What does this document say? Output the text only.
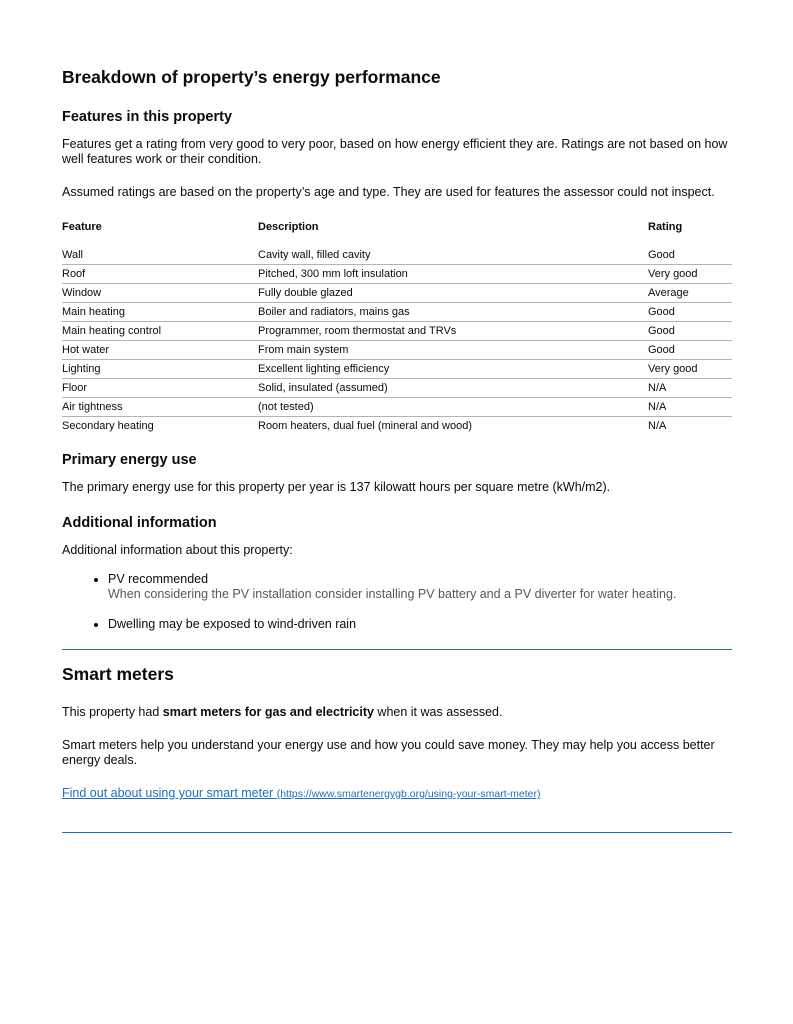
Breakdown of property’s energy performance
Features in this property

Features get a rating from very good to very poor, based on how energy efficient they are. Ratings are not based on how well features work or their condition.

Assumed ratings are based on the property’s age and type. They are used for features the assessor could not inspect.

Feature	Description	Rating
Wall	Cavity wall, filled cavity	Good
Roof	Pitched, 300 mm loft insulation	Very good
Window	Fully double glazed	Average
Main heating	Boiler and radiators, mains gas	Good
Main heating control	Programmer, room thermostat and TRVs	Good
Hot water	From main system	Good
Lighting	Excellent lighting efficiency	Very good
Floor	Solid, insulated (assumed)	N/A
Air tightness	(not tested)	N/A
Secondary heating	Room heaters, dual fuel (mineral and wood)	N/A
Primary energy use

The primary energy use for this property per year is 137 kilowatt hours per square metre (kWh/m2).

Additional information

Additional information about this property:

• PV recommended
When considering the PV installation consider installing PV battery and a PV diverter for water heating.
• Dwelling may be exposed to wind-driven rain
Smart meters

This property had smart meters for gas and electricity when it was assessed.

Smart meters help you understand your energy use and how you could save money. They may help you access better energy deals.

Find out about using your smart meter (https://www.smartenergygb.org/using-your-smart-meter)
